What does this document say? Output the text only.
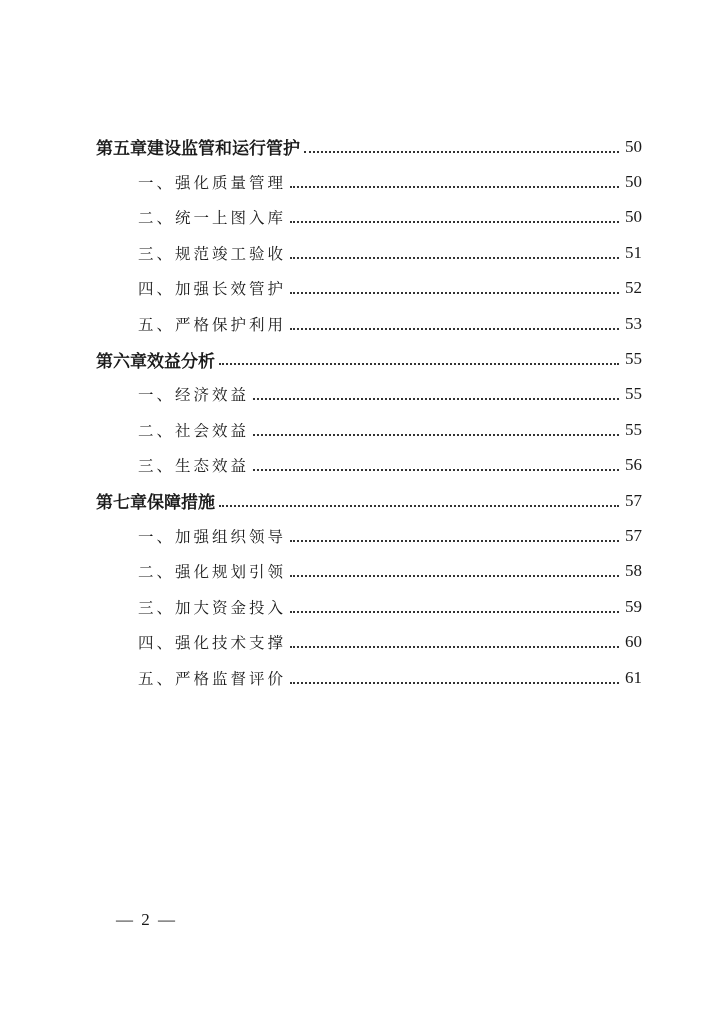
第五章建设监管和运行管护	50
一、强化质量管理	50
二、统一上图入库	50
三、规范竣工验收	51
四、加强长效管护	52
五、严格保护利用	53
第六章效益分析	55
一、经济效益	55
二、社会效益	55
三、生态效益	56
第七章保障措施	57
一、加强组织领导	57
二、强化规划引领	58
三、加大资金投入	59
四、强化技术支撑	60
五、严格监督评价	61
— 2 —
